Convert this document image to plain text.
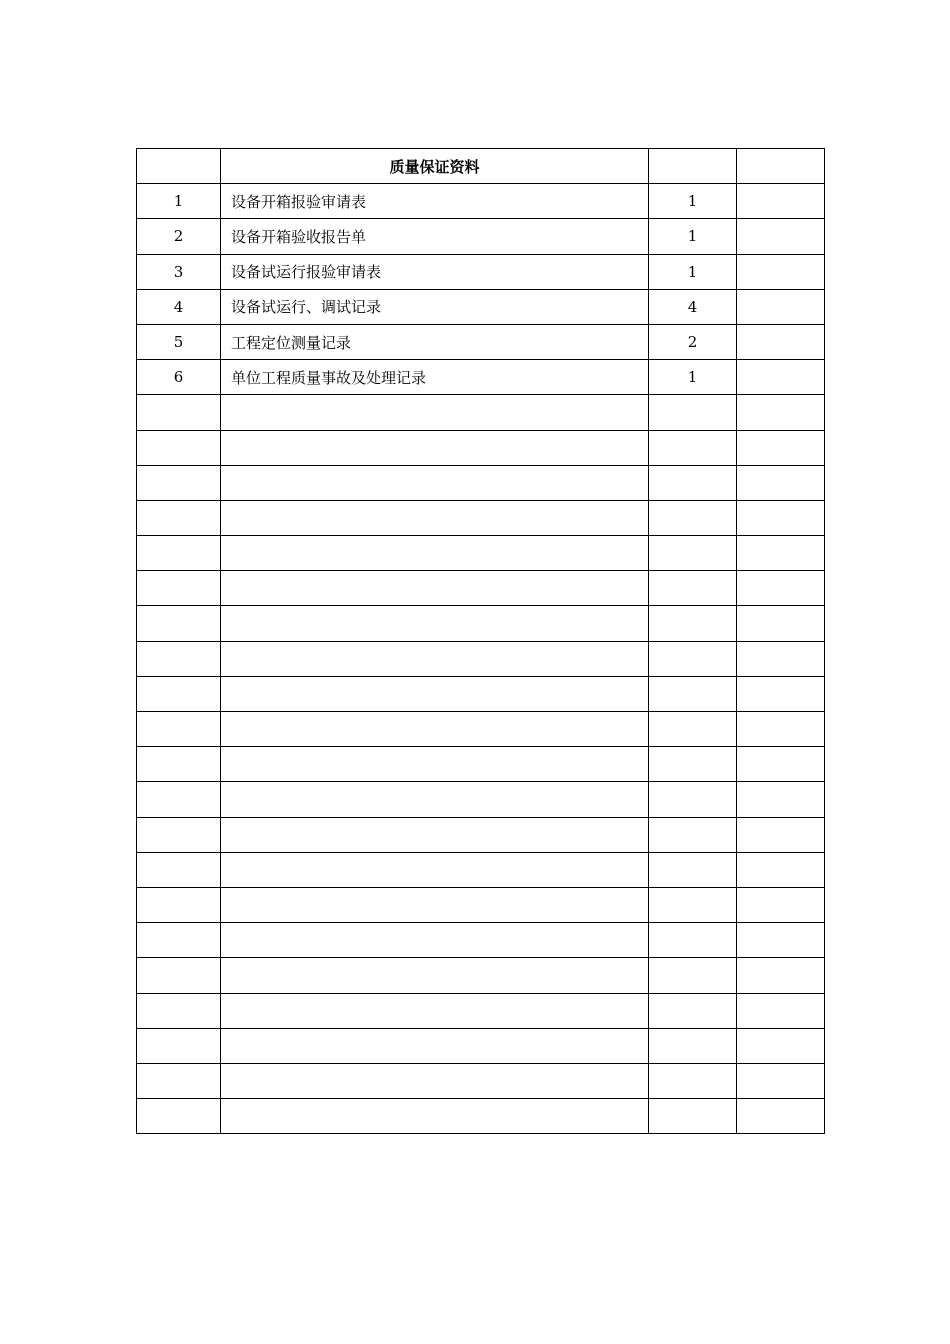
	质量保证资料		
1	设备开箱报验审请表	1	
2	设备开箱验收报告单	1	
3	设备试运行报验审请表	1	
4	设备试运行、调试记录	4	
5	工程定位测量记录	2	
6	单位工程质量事故及处理记录	1	
